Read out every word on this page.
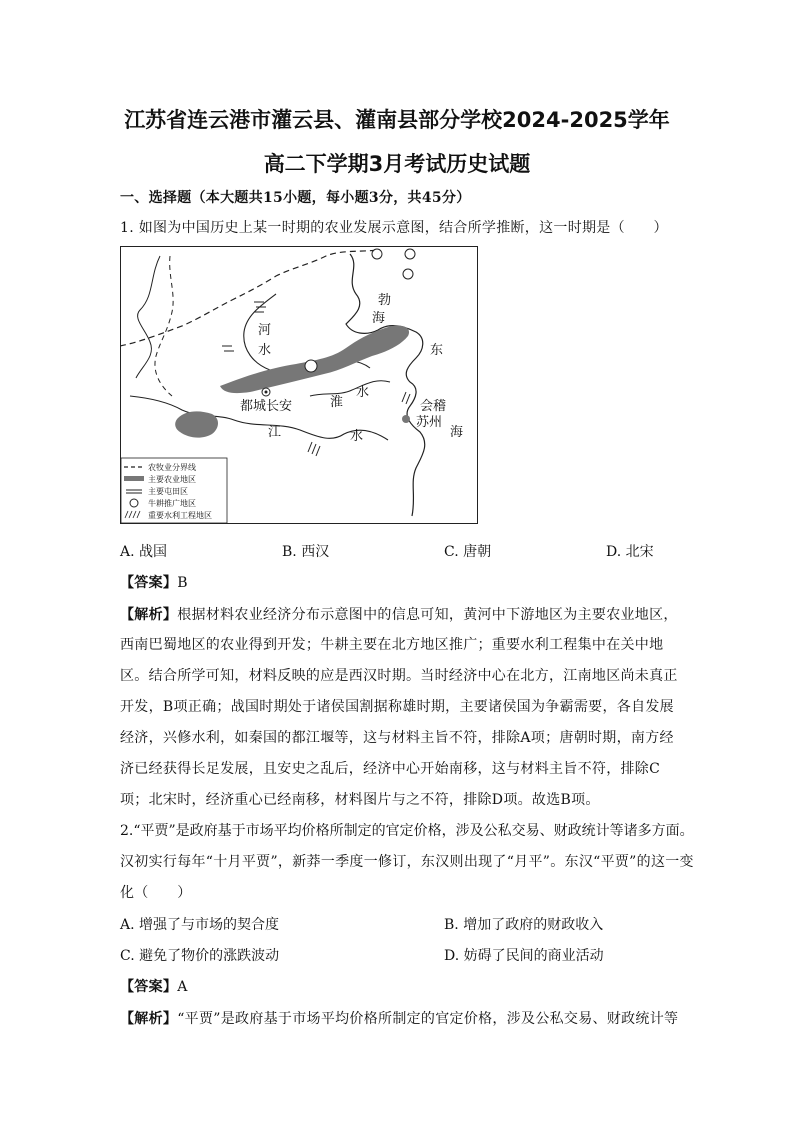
江苏省连云港市灌云县、灌南县部分学校2024-2025学年
高二下学期3月考试历史试题
一、选择题（本大题共15小题，每小题3分，共45分）
1. 如图为中国历史上某一时期的农业发展示意图，结合所学推断，这一时期是（　　）
勃
海
河
水	东
海
淮
水
都城长安	会稽
苏州
江	水
农牧业分界线
主要农业地区
主要屯田区
牛耕推广地区
重要水利工程地区
A. 战国	B. 西汉	C. 唐朝	D. 北宋
【答案】B
【解析】根据材料农业经济分布示意图中的信息可知，黄河中下游地区为主要农业地区，
西南巴蜀地区的农业得到开发；牛耕主要在北方地区推广；重要水利工程集中在关中地
区。结合所学可知，材料反映的应是西汉时期。当时经济中心在北方，江南地区尚未真正
开发，B项正确；战国时期处于诸侯国割据称雄时期，主要诸侯国为争霸需要，各自发展
经济，兴修水利，如秦国的都江堰等，这与材料主旨不符，排除A项；唐朝时期，南方经
济已经获得长足发展，且安史之乱后，经济中心开始南移，这与材料主旨不符，排除C
项；北宋时，经济重心已经南移，材料图片与之不符，排除D项。故选B项。
2.“平贾”是政府基于市场平均价格所制定的官定价格，涉及公私交易、财政统计等诸多方面。
汉初实行每年“十月平贾”，新莽一季度一修订，东汉则出现了“月平”。东汉“平贾”的这一变
化（　　）
A. 增强了与市场的契合度	B. 增加了政府的财政收入
C. 避免了物价的涨跌波动	D. 妨碍了民间的商业活动
【答案】A
【解析】“平贾”是政府基于市场平均价格所制定的官定价格，涉及公私交易、财政统计等
